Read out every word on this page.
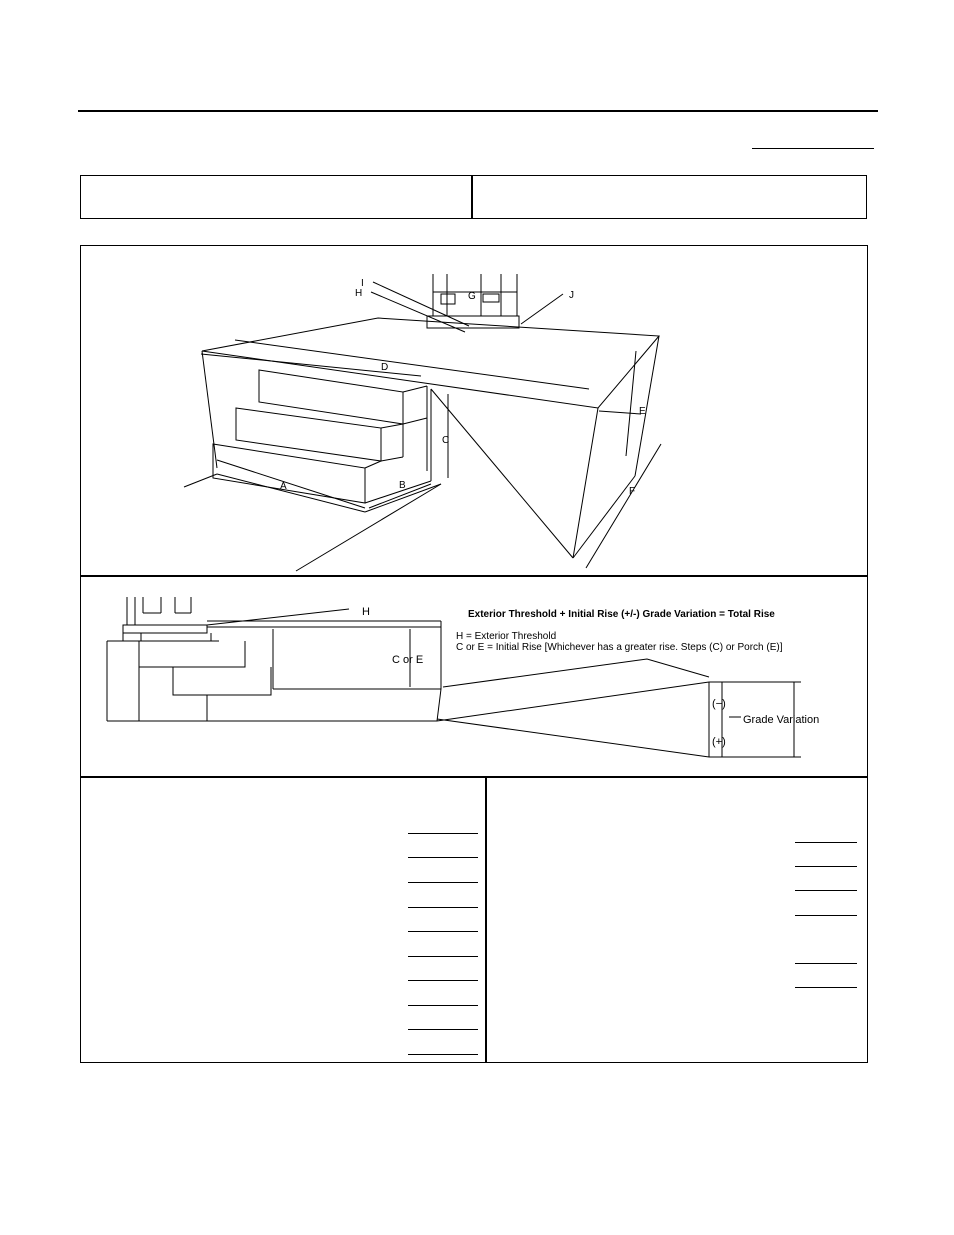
A	B
C
D
E
F
G
H
I
J
H
C or E
Exterior Threshold + Initial Rise (+/-) Grade Variation = Total Rise
H = Exterior Threshold
C or E = Initial Rise [Whichever has a greater rise. Steps (C) or Porch (E)]
(−)
(+)
Grade Variation
